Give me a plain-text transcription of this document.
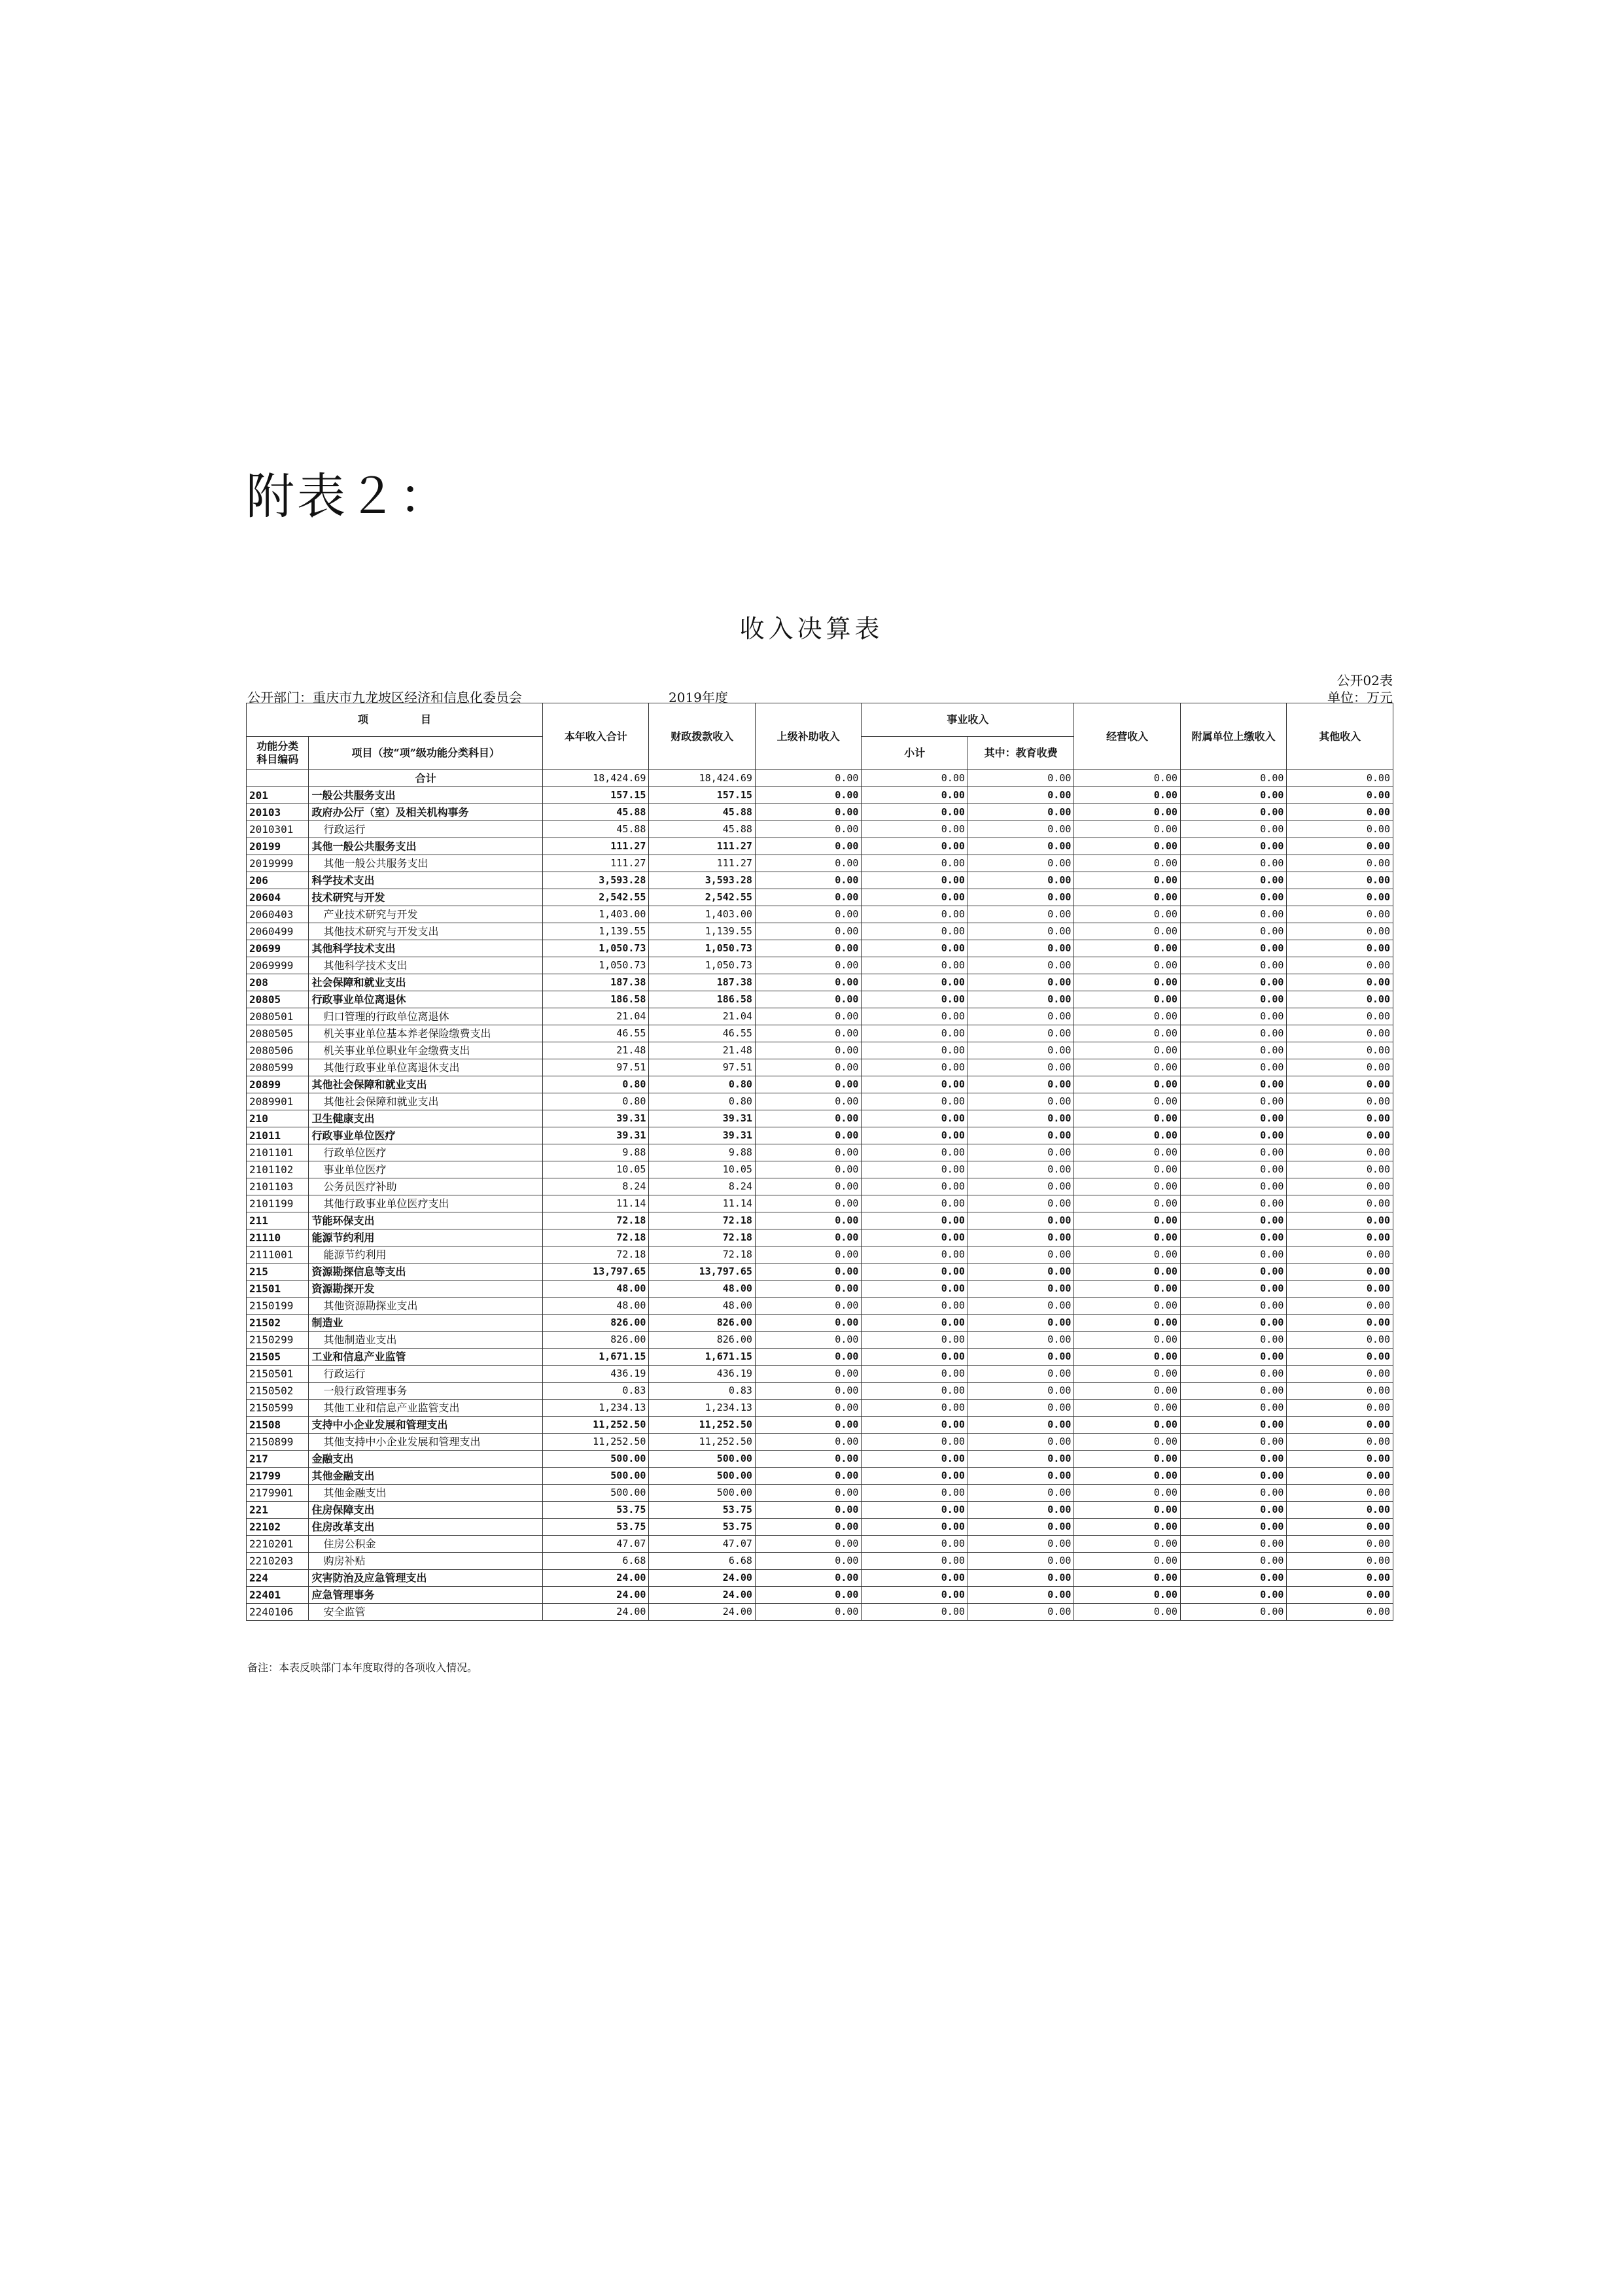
附表２：
收入决算表
公开02表
公开部门：重庆市九龙坡区经济和信息化委员会	2019年度	单位：万元
项　　　　　目		本年收入合计	财政拨款收入	上级补助收入	事业收入		经营收入	附属单位上缴收入	其他收入
功能分类
科目编码	项目（按“项”级功能分类科目）				小计	其中：教育收费			

	合计	18,424.69	18,424.69	0.00	0.00	0.00	0.00	0.00	0.00
201	一般公共服务支出	157.15	157.15	0.00	0.00	0.00	0.00	0.00	0.00
20103	政府办公厅（室）及相关机构事务	45.88	45.88	0.00	0.00	0.00	0.00	0.00	0.00
2010301	行政运行	45.88	45.88	0.00	0.00	0.00	0.00	0.00	0.00
20199	其他一般公共服务支出	111.27	111.27	0.00	0.00	0.00	0.00	0.00	0.00
2019999	其他一般公共服务支出	111.27	111.27	0.00	0.00	0.00	0.00	0.00	0.00
206	科学技术支出	3,593.28	3,593.28	0.00	0.00	0.00	0.00	0.00	0.00
20604	技术研究与开发	2,542.55	2,542.55	0.00	0.00	0.00	0.00	0.00	0.00
2060403	产业技术研究与开发	1,403.00	1,403.00	0.00	0.00	0.00	0.00	0.00	0.00
2060499	其他技术研究与开发支出	1,139.55	1,139.55	0.00	0.00	0.00	0.00	0.00	0.00
20699	其他科学技术支出	1,050.73	1,050.73	0.00	0.00	0.00	0.00	0.00	0.00
2069999	其他科学技术支出	1,050.73	1,050.73	0.00	0.00	0.00	0.00	0.00	0.00
208	社会保障和就业支出	187.38	187.38	0.00	0.00	0.00	0.00	0.00	0.00
20805	行政事业单位离退休	186.58	186.58	0.00	0.00	0.00	0.00	0.00	0.00
2080501	归口管理的行政单位离退休	21.04	21.04	0.00	0.00	0.00	0.00	0.00	0.00
2080505	机关事业单位基本养老保险缴费支出	46.55	46.55	0.00	0.00	0.00	0.00	0.00	0.00
2080506	机关事业单位职业年金缴费支出	21.48	21.48	0.00	0.00	0.00	0.00	0.00	0.00
2080599	其他行政事业单位离退休支出	97.51	97.51	0.00	0.00	0.00	0.00	0.00	0.00
20899	其他社会保障和就业支出	0.80	0.80	0.00	0.00	0.00	0.00	0.00	0.00
2089901	其他社会保障和就业支出	0.80	0.80	0.00	0.00	0.00	0.00	0.00	0.00
210	卫生健康支出	39.31	39.31	0.00	0.00	0.00	0.00	0.00	0.00
21011	行政事业单位医疗	39.31	39.31	0.00	0.00	0.00	0.00	0.00	0.00
2101101	行政单位医疗	9.88	9.88	0.00	0.00	0.00	0.00	0.00	0.00
2101102	事业单位医疗	10.05	10.05	0.00	0.00	0.00	0.00	0.00	0.00
2101103	公务员医疗补助	8.24	8.24	0.00	0.00	0.00	0.00	0.00	0.00
2101199	其他行政事业单位医疗支出	11.14	11.14	0.00	0.00	0.00	0.00	0.00	0.00
211	节能环保支出	72.18	72.18	0.00	0.00	0.00	0.00	0.00	0.00
21110	能源节约利用	72.18	72.18	0.00	0.00	0.00	0.00	0.00	0.00
2111001	能源节约利用	72.18	72.18	0.00	0.00	0.00	0.00	0.00	0.00
215	资源勘探信息等支出	13,797.65	13,797.65	0.00	0.00	0.00	0.00	0.00	0.00
21501	资源勘探开发	48.00	48.00	0.00	0.00	0.00	0.00	0.00	0.00
2150199	其他资源勘探业支出	48.00	48.00	0.00	0.00	0.00	0.00	0.00	0.00
21502	制造业	826.00	826.00	0.00	0.00	0.00	0.00	0.00	0.00
2150299	其他制造业支出	826.00	826.00	0.00	0.00	0.00	0.00	0.00	0.00
21505	工业和信息产业监管	1,671.15	1,671.15	0.00	0.00	0.00	0.00	0.00	0.00
2150501	行政运行	436.19	436.19	0.00	0.00	0.00	0.00	0.00	0.00
2150502	一般行政管理事务	0.83	0.83	0.00	0.00	0.00	0.00	0.00	0.00
2150599	其他工业和信息产业监管支出	1,234.13	1,234.13	0.00	0.00	0.00	0.00	0.00	0.00
21508	支持中小企业发展和管理支出	11,252.50	11,252.50	0.00	0.00	0.00	0.00	0.00	0.00
2150899	其他支持中小企业发展和管理支出	11,252.50	11,252.50	0.00	0.00	0.00	0.00	0.00	0.00
217	金融支出	500.00	500.00	0.00	0.00	0.00	0.00	0.00	0.00
21799	其他金融支出	500.00	500.00	0.00	0.00	0.00	0.00	0.00	0.00
2179901	其他金融支出	500.00	500.00	0.00	0.00	0.00	0.00	0.00	0.00
221	住房保障支出	53.75	53.75	0.00	0.00	0.00	0.00	0.00	0.00
22102	住房改革支出	53.75	53.75	0.00	0.00	0.00	0.00	0.00	0.00
2210201	住房公积金	47.07	47.07	0.00	0.00	0.00	0.00	0.00	0.00
2210203	购房补贴	6.68	6.68	0.00	0.00	0.00	0.00	0.00	0.00
224	灾害防治及应急管理支出	24.00	24.00	0.00	0.00	0.00	0.00	0.00	0.00
22401	应急管理事务	24.00	24.00	0.00	0.00	0.00	0.00	0.00	0.00
2240106	安全监管	24.00	24.00	0.00	0.00	0.00	0.00	0.00	0.00
备注：本表反映部门本年度取得的各项收入情况。
